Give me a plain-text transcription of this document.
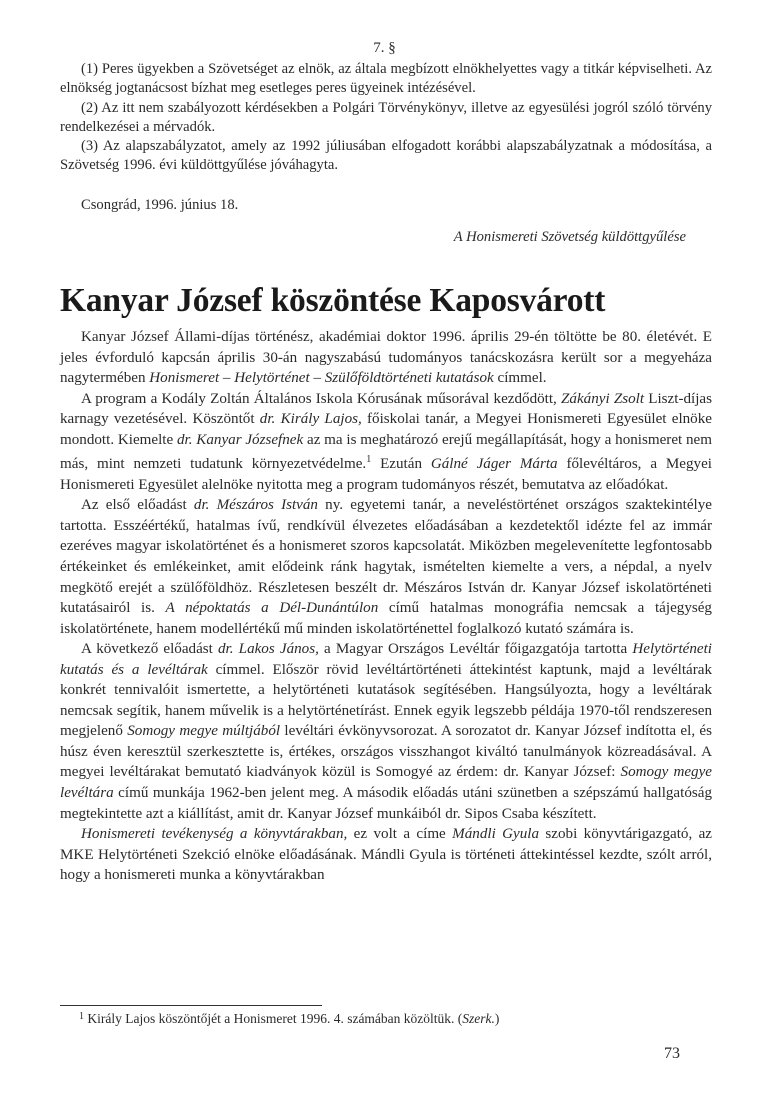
7. §

(1) Peres ügyekben a Szövetséget az elnök, az általa megbízott elnökhelyettes vagy a titkár képviselheti. Az elnökség jogtanácsost bízhat meg esetleges peres ügyeinek intézésével.

(2) Az itt nem szabályozott kérdésekben a Polgári Törvénykönyv, illetve az egyesülési jogról szóló törvény rendelkezései a mérvadók.

(3) Az alapszabályzatot, amely az 1992 júliusában elfogadott korábbi alapszabályzatnak a módosítása, a Szövetség 1996. évi küldöttgyűlése jóváhagyta.

Csongrád, 1996. június 18.
A Honismereti Szövetség küldöttgyűlése
Kanyar József köszöntése Kaposvárott

Kanyar József Állami-díjas történész, akadémiai doktor 1996. április 29-én töltötte be 80. életévét. E jeles évforduló kapcsán április 30-án nagyszabású tudományos tanácskozásra került sor a megyeháza nagytermében Honismeret – Helytörténet – Szülőföldtörténeti kutatások címmel.

A program a Kodály Zoltán Általános Iskola Kórusának műsorával kezdődött, Zákányi Zsolt Liszt-díjas karnagy vezetésével. Köszöntőt dr. Király Lajos, főiskolai tanár, a Megyei Honismereti Egyesület elnöke mondott. Kiemelte dr. Kanyar Józsefnek az ma is meghatározó erejű megállapítását, hogy a honismeret nem más, mint nemzeti tudatunk környezetvédelme.$^1$ Ezután Gálné Jáger Márta főlevéltáros, a Megyei Honismereti Egyesület alelnöke nyitotta meg a program tudományos részét, bemutatva az előadókat.

Az első előadást dr. Mészáros István ny. egyetemi tanár, a neveléstörténet országos szaktekintélye tartotta. Esszéértékű, hatalmas ívű, rendkívül élvezetes előadásában a kezdetektől idézte fel az immár ezeréves magyar iskolatörténet és a honismeret szoros kapcsolatát. Miközben megelevenítette legfontosabb értékeinket és emlékeinket, amit elődeink ránk hagytak, ismételten kiemelte a vers, a népdal, a nyelv megkötő erejét a szülőföldhöz. Részletesen beszélt dr. Mészáros István dr. Kanyar József iskolatörténeti kutatásairól is. A népoktatás a Dél-Dunántúlon című hatalmas monográfia nemcsak a tájegység iskolatörténete, hanem modellértékű mű minden iskolatörténettel foglalkozó kutató számára is.

A következő előadást dr. Lakos János, a Magyar Országos Levéltár főigazgatója tartotta Helytörténeti kutatás és a levéltárak címmel. Először rövid levéltártörténeti áttekintést kaptunk, majd a levéltárak konkrét tennivalóit ismertette, a helytörténeti kutatások segítésében. Hangsúlyozta, hogy a levéltárak nemcsak segítik, hanem művelik is a helytörténetírást. Ennek egyik legszebb példája 1970-től rendszeresen megjelenő Somogy megye múltjából levéltári évkönyvsorozat. A sorozatot dr. Kanyar József indította el, és húsz éven keresztül szerkesztette is, értékes, országos visszhangot kiváltó tanulmányok közreadásával. A megyei levéltárakat bemutató kiadványok közül is Somogyé az érdem: dr. Kanyar József: Somogy megye levéltára című munkája 1962-ben jelent meg. A második előadás utáni szünetben a szépszámú hallgatóság megtekintette azt a kiállítást, amit dr. Kanyar József munkáiból dr. Sipos Csaba készített.

Honismereti tevékenység a könyvtárakban, ez volt a címe Mándli Gyula szobi könyvtárigazgató, az MKE Helytörténeti Szekció elnöke előadásának. Mándli Gyula is történeti áttekintéssel kezdte, szólt arról, hogy a honismereti munka a könyvtárakban

$^1$ Király Lajos köszöntőjét a Honismeret 1996. 4. számában közöltük. (Szerk.)
73
